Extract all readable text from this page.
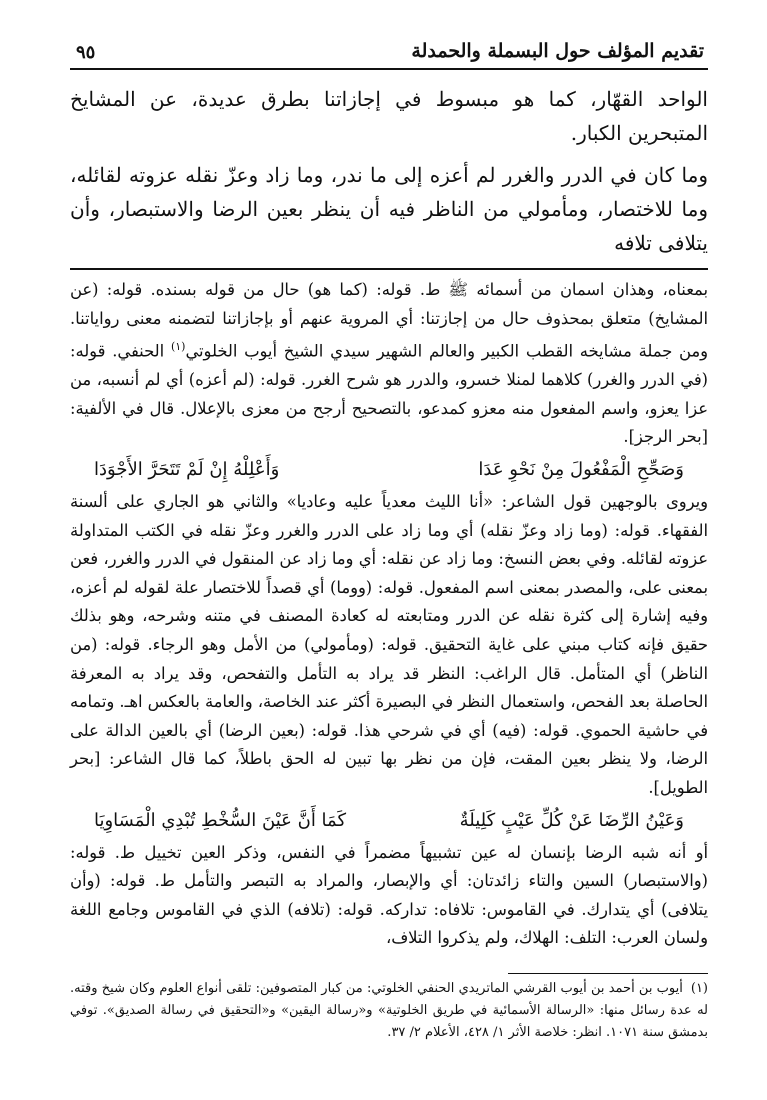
تقديم المؤلف حول البسملة والحمدلة
٩٥

الواحد القهّار، كما هو مبسوط في إجازاتنا بطرق عديدة، عن المشايخ المتبحرين الكبار.

وما كان في الدرر والغرر لم أعزه إلى ما ندر، وما زاد وعزّ نقله عزوته لقائله، وما للاختصار، ومأمولي من الناظر فيه أن ينظر بعين الرضا والاستبصار، وأن يتلافى تلافه

بمعناه، وهذان اسمان من أسمائه ﷺ ط. قوله: (كما هو) حال من قوله بسنده. قوله: (عن المشايخ) متعلق بمحذوف حال من إجازتنا: أي المروية عنهم أو بإجازاتنا لتضمنه معنى رواياتنا. ومن جملة مشايخه القطب الكبير والعالم الشهير سيدي الشيخ أيوب الخلوتي$^{(١)}$ الحنفي. قوله: (في الدرر والغرر) كلاهما لمنلا خسرو، والدرر هو شرح الغرر. قوله: (لم أعزه) أي لم أنسبه، من عزا يعزو، واسم المفعول منه معزو كمدعو، بالتصحيح أرجح من معزى بالإعلال. قال في الألفية: [بحر الرجز].

وَصَحِّحِ الْمَفْعُولَ مِنْ نَحْوِ عَدَا
وَأَعْلِلْهُ إِنْ لَمْ تَتَحَرَّ الأَجْوَدَا

ويروى بالوجهين قول الشاعر: «أنا الليث معدياً عليه وعاديا» والثاني هو الجاري على ألسنة الفقهاء. قوله: (وما زاد وعزّ نقله) أي وما زاد على الدرر والغرر وعزّ نقله في الكتب المتداولة عزوته لقائله. وفي بعض النسخ: وما زاد عن نقله: أي وما زاد عن المنقول في الدرر والغرر، فعن بمعنى على، والمصدر بمعنى اسم المفعول. قوله: (ووما) أي قصداً للاختصار علة لقوله لم أعزه، وفيه إشارة إلى كثرة نقله عن الدرر ومتابعته له كعادة المصنف في متنه وشرحه، وهو بذلك حقيق فإنه كتاب مبني على غاية التحقيق. قوله: (ومأمولي) من الأمل وهو الرجاء. قوله: (من الناظر) أي المتأمل. قال الراغب: النظر قد يراد به التأمل والتفحص، وقد يراد به المعرفة الحاصلة بعد الفحص، واستعمال النظر في البصيرة أكثر عند الخاصة، والعامة بالعكس اهـ. وتمامه في حاشية الحموي. قوله: (فيه) أي في شرحي هذا. قوله: (بعين الرضا) أي بالعين الدالة على الرضا، ولا ينظر بعين المقت، فإن من نظر بها تبين له الحق باطلاً، كما قال الشاعر: [بحر الطويل].

وَعَيْنُ الرِّضَا عَنْ كُلِّ عَيْبٍ كَلِيلَةٌ
كَمَا أَنَّ عَيْنَ السُّخْطِ تُبْدِي الْمَسَاوِيَا

أو أنه شبه الرضا بإنسان له عين تشبيهاً مضمراً في النفس، وذكر العين تخييل ط. قوله: (والاستبصار) السين والتاء زائدتان: أي والإبصار، والمراد به التبصر والتأمل ط. قوله: (وأن يتلافى) أي يتدارك. في القاموس: تلافاه: تداركه. قوله: (تلافه) الذي في القاموس وجامع اللغة ولسان العرب: التلف: الهلاك، ولم يذكروا التلاف،

(١)أيوب بن أحمد بن أيوب القرشي الماتريدي الحنفي الخلوتي: من كبار المتصوفين: تلقى أنواع العلوم وكان شيخ وقته. له عدة رسائل منها: «الرسالة الأسمائية في طريق الخلوتية» و«رسالة اليقين» و«التحقيق في رسالة الصديق». توفي بدمشق سنة ١٠٧١. انظر: خلاصة الأثر ١/ ٤٢٨، الأعلام ٢/ ٣٧.
